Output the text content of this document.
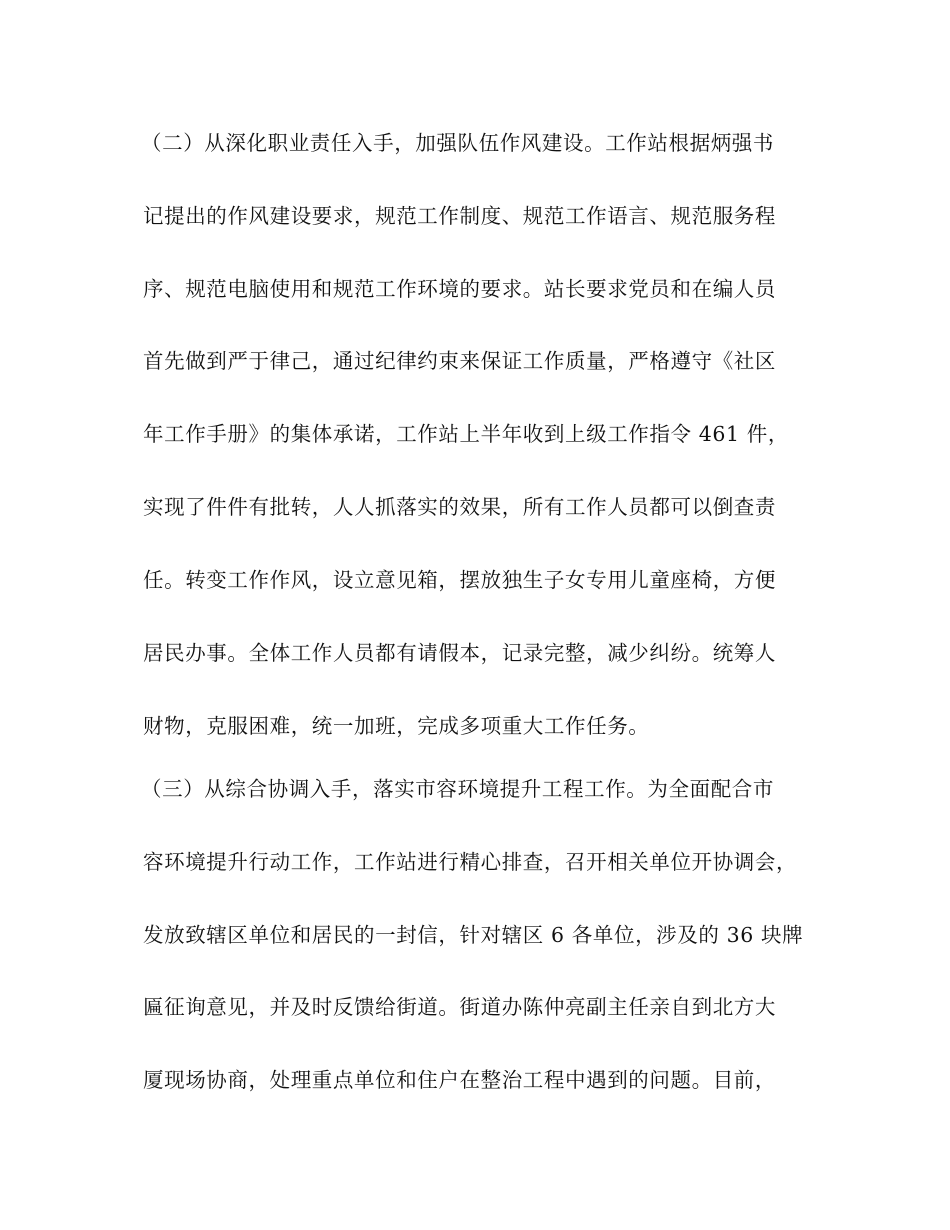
（二）从深化职业责任入手，加强队伍作风建设。工作站根据炳强书
记提出的作风建设要求，规范工作制度、规范工作语言、规范服务程
序、规范电脑使用和规范工作环境的要求。站长要求党员和在编人员
首先做到严于律己，通过纪律约束来保证工作质量，严格遵守《社区
年工作手册》的集体承诺，工作站上半年收到上级工作指令 461 件，
实现了件件有批转，人人抓落实的效果，所有工作人员都可以倒查责
任。转变工作作风，设立意见箱，摆放独生子女专用儿童座椅，方便
居民办事。全体工作人员都有请假本，记录完整，减少纠纷。统筹人
财物，克服困难，统一加班，完成多项重大工作任务。
（三）从综合协调入手，落实市容环境提升工程工作。为全面配合市
容环境提升行动工作，工作站进行精心排查，召开相关单位开协调会，
发放致辖区单位和居民的一封信，针对辖区 6 各单位，涉及的 36 块牌
匾征询意见，并及时反馈给街道。街道办陈仲亮副主任亲自到北方大
厦现场协商，处理重点单位和住户在整治工程中遇到的问题。目前，
